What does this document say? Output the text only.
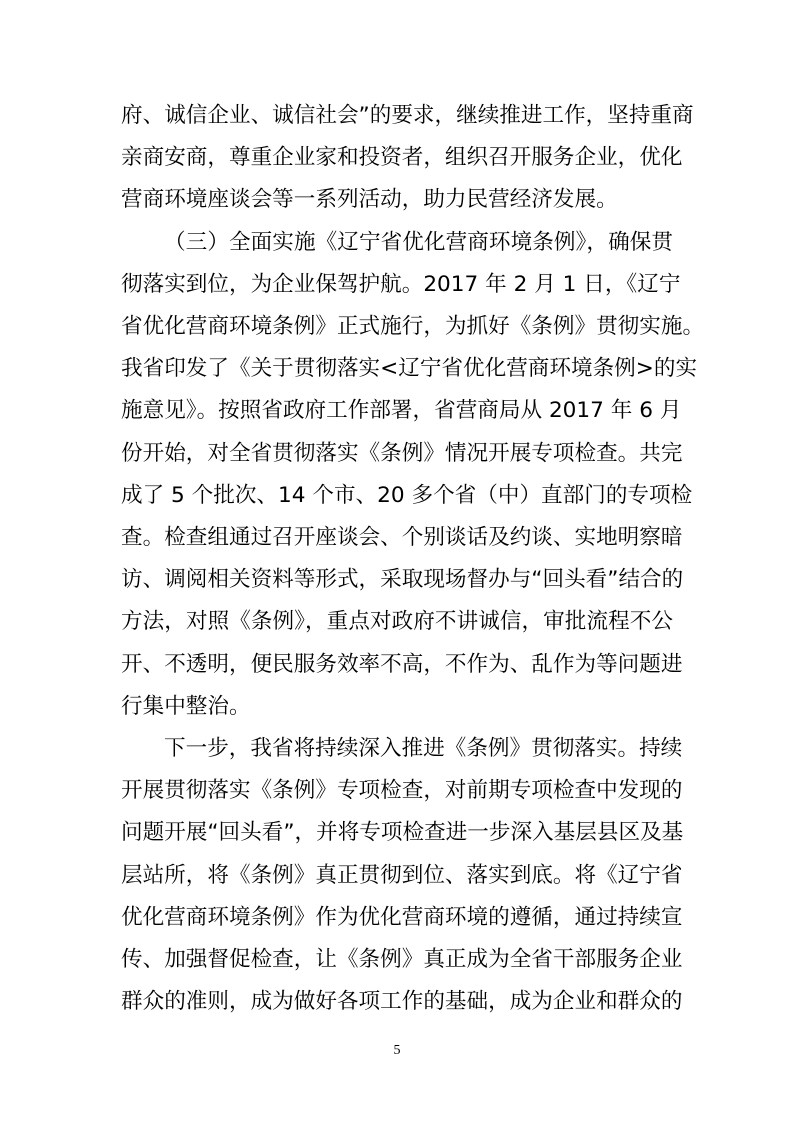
府、诚信企业、诚信社会”的要求，继续推进工作，坚持重商
亲商安商，尊重企业家和投资者，组织召开服务企业，优化
营商环境座谈会等一系列活动，助力民营经济发展。
（三）全面实施《辽宁省优化营商环境条例》，确保贯
彻落实到位，为企业保驾护航。2017 年 2 月 1 日，《辽宁
省优化营商环境条例》正式施行，为抓好《条例》贯彻实施。
我省印发了《关于贯彻落实<辽宁省优化营商环境条例>的实
施意见》。按照省政府工作部署，省营商局从 2017 年 6 月
份开始，对全省贯彻落实《条例》情况开展专项检查。共完
成了 5 个批次、14 个市、20 多个省（中）直部门的专项检
查。检查组通过召开座谈会、个别谈话及约谈、实地明察暗
访、调阅相关资料等形式，采取现场督办与“回头看”结合的
方法，对照《条例》，重点对政府不讲诚信，审批流程不公
开、不透明，便民服务效率不高，不作为、乱作为等问题进
行集中整治。
下一步，我省将持续深入推进《条例》贯彻落实。持续
开展贯彻落实《条例》专项检查，对前期专项检查中发现的
问题开展“回头看”，并将专项检查进一步深入基层县区及基
层站所，将《条例》真正贯彻到位、落实到底。将《辽宁省
优化营商环境条例》作为优化营商环境的遵循，通过持续宣
传、加强督促检查，让《条例》真正成为全省干部服务企业
群众的准则，成为做好各项工作的基础，成为企业和群众的
5
